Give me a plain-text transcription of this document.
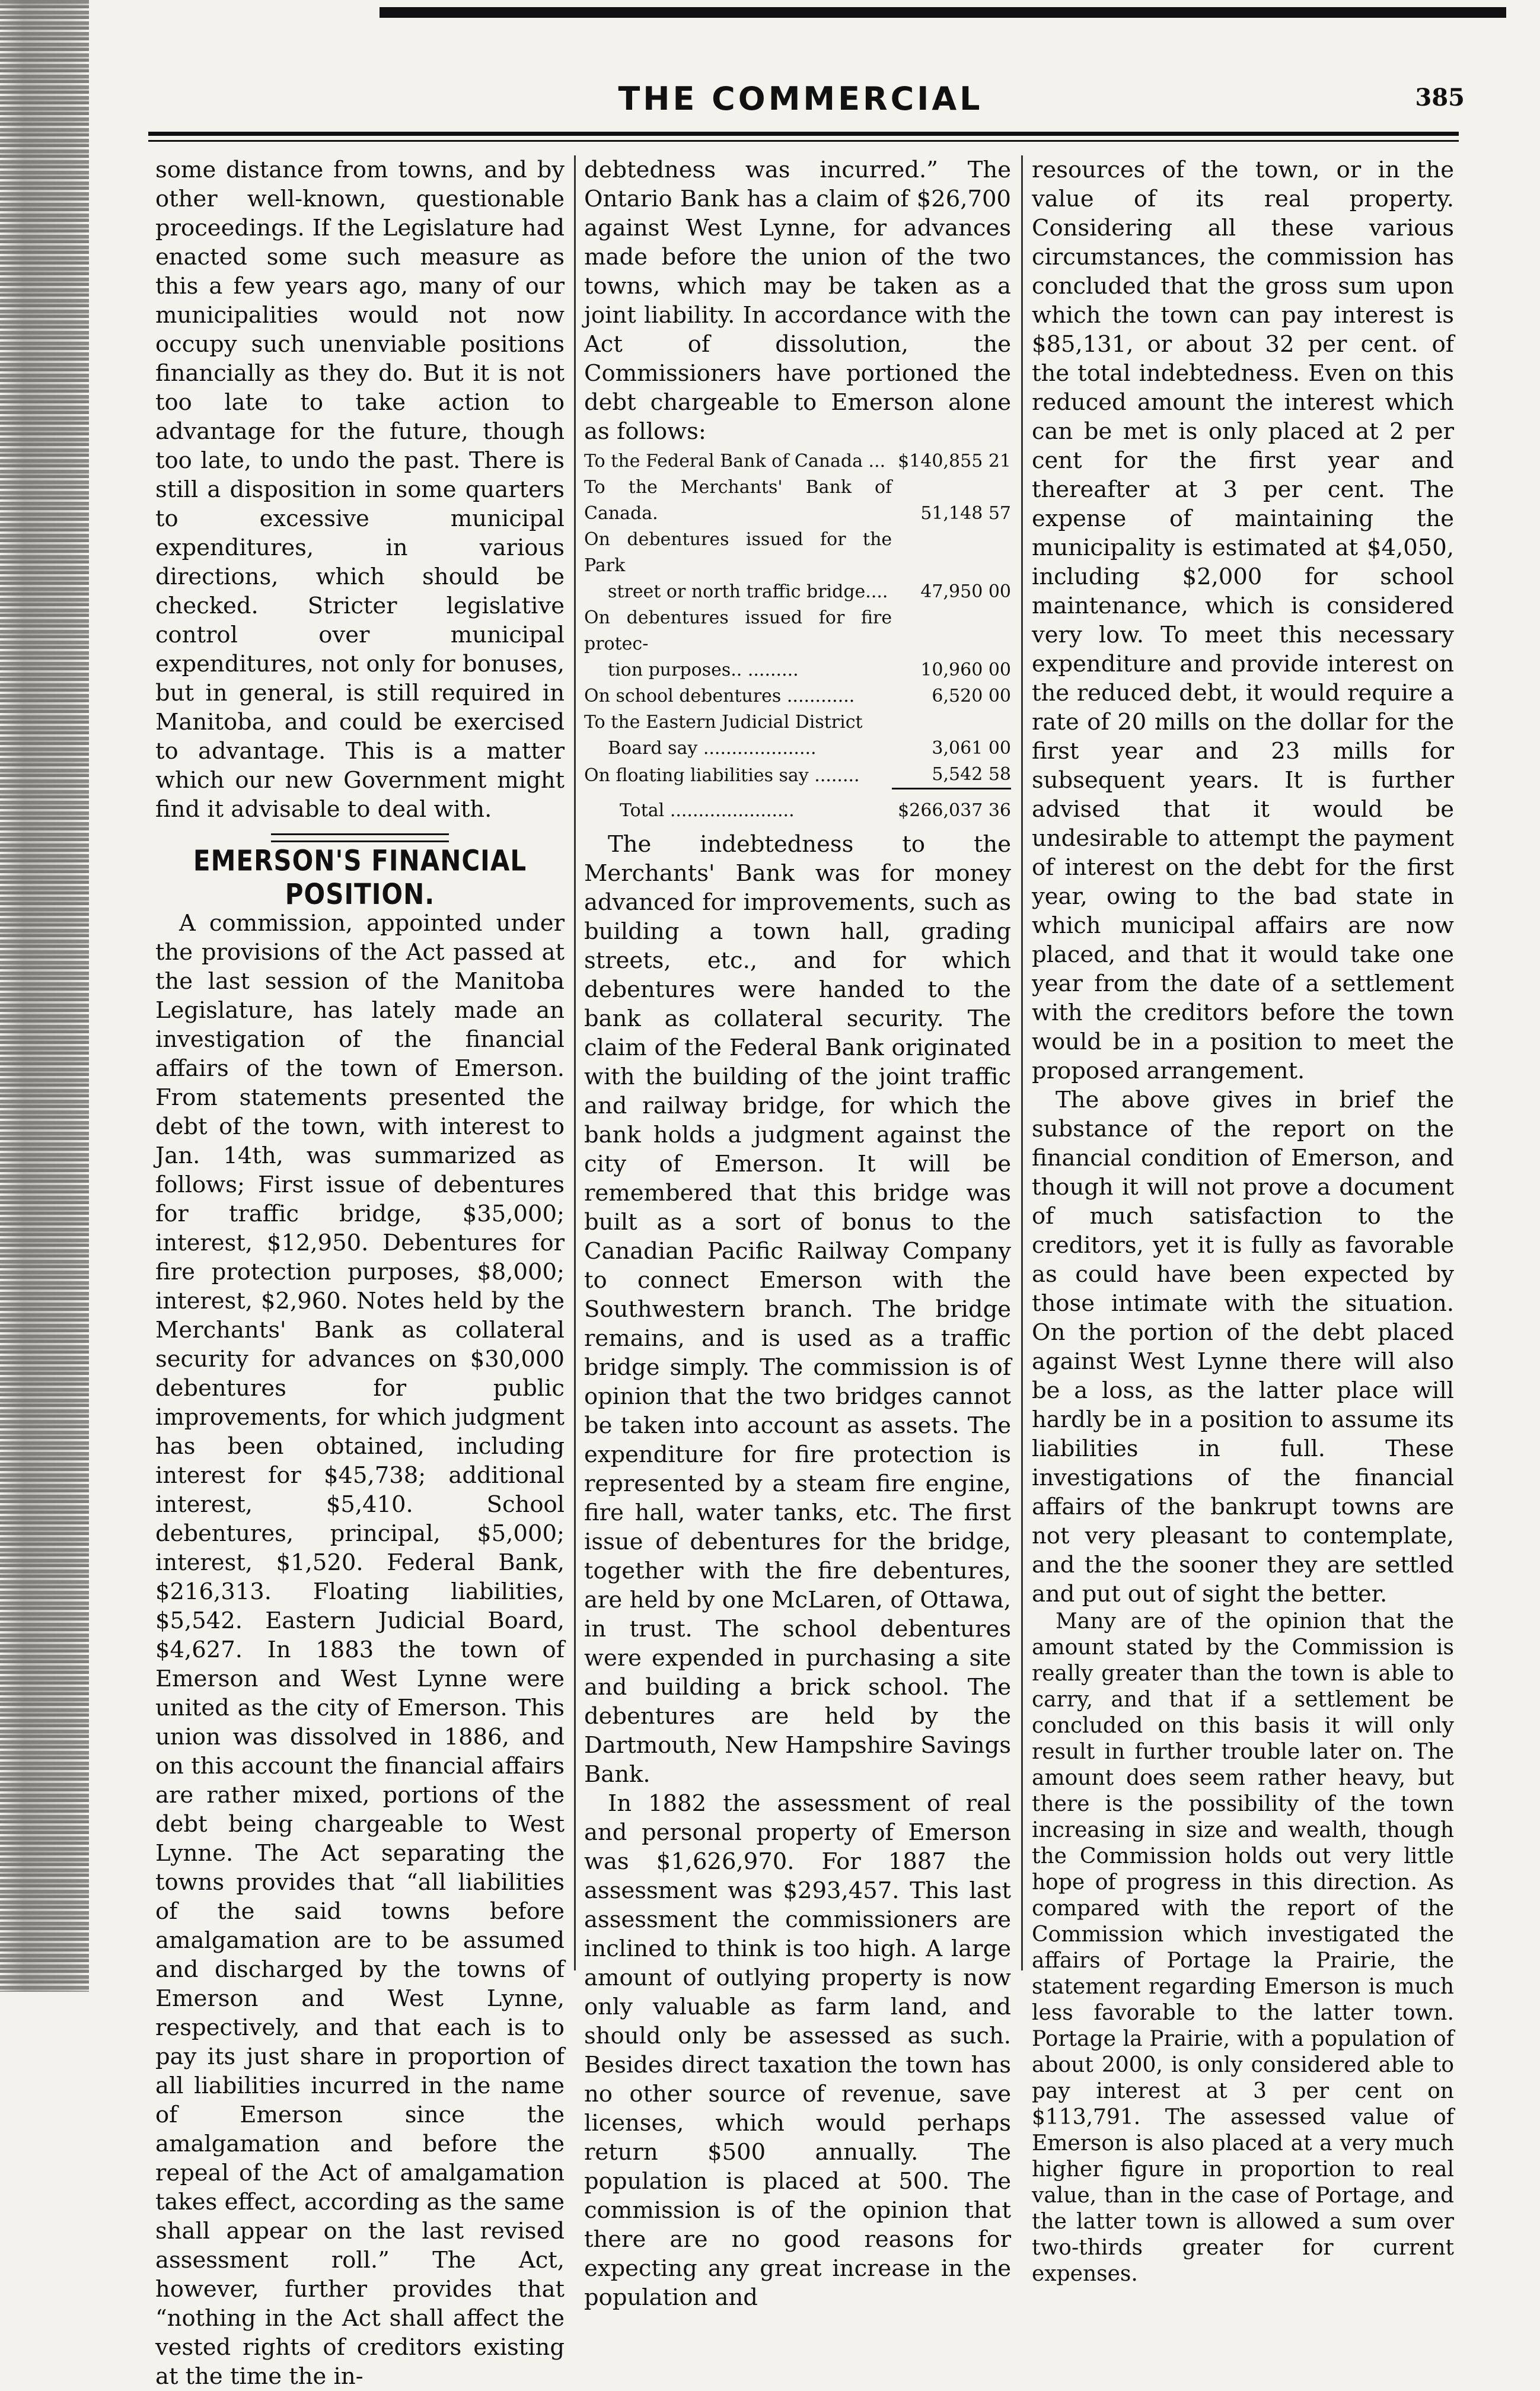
THE COMMERCIAL	385

some distance from towns, and by other well-known, questionable proceedings. If the Legislature had enacted some such measure as this a few years ago, many of our municipalities would not now occupy such unenviable positions financially as they do. But it is not too late to take action to advantage for the future, though too late, to undo the past. There is still a disposition in some quarters to excessive municipal expenditures, in various directions, which should be checked. Stricter legislative control over municipal expenditures, not only for bonuses, but in general, is still required in Manitoba, and could be exercised to advantage. This is a matter which our new Government might find it advisable to deal with.

EMERSON'S FINANCIAL POSITION.

A commission, appointed under the provisions of the Act passed at the last session of the Manitoba Legislature, has lately made an investigation of the financial affairs of the town of Emerson. From statements presented the debt of the town, with interest to Jan. 14th, was summarized as follows; First issue of debentures for traffic bridge, $35,000; interest, $12,950. Debentures for fire protection purposes, $8,000; interest, $2,960. Notes held by the Merchants' Bank as collateral security for advances on $30,000 debentures for public improvements, for which judgment has been obtained, including interest for $45,738; additional interest, $5,410. School debentures, principal, $5,000; interest, $1,520. Federal Bank, $216,313. Floating liabilities, $5,542. Eastern Judicial Board, $4,627. In 1883 the town of Emerson and West Lynne were united as the city of Emerson. This union was dissolved in 1886, and on this account the financial affairs are rather mixed, portions of the debt being chargeable to West Lynne. The Act separating the towns provides that “all liabilities of the said towns before amalgamation are to be assumed and discharged by the towns of Emerson and West Lynne, respectively, and that each is to pay its just share in proportion of all liabilities incurred in the name of Emerson since the amalgamation and before the repeal of the Act of amalgamation takes effect, according as the same shall appear on the last revised assessment roll.” The Act, however, further provides that “nothing in the Act shall affect the vested rights of creditors existing at the time the in-

debtedness was incurred.” The Ontario Bank has a claim of $26,700 against West Lynne, for advances made before the union of the two towns, which may be taken as a joint liability. In accordance with the Act of dissolution, the Commissioners have portioned the debt chargeable to Emerson alone as follows:

To the Federal Bank of Canada ...	$140,855 21
To the Merchants' Bank of Canada.	51,148 57
On debentures issued for the Park	
street or north traffic bridge....	47,950 00
On debentures issued for fire protec-	
tion purposes.. .........	10,960 00
On school debentures ............	6,520 00
To the Eastern Judicial District	
Board say ....................	3,061 00
On floating liabilities say ........	5,542 58
Total ......................	$266,037 36

The indebtedness to the Merchants' Bank was for money advanced for improvements, such as building a town hall, grading streets, etc., and for which debentures were handed to the bank as collateral security. The claim of the Federal Bank originated with the building of the joint traffic and railway bridge, for which the bank holds a judgment against the city of Emerson. It will be remembered that this bridge was built as a sort of bonus to the Canadian Pacific Railway Company to connect Emerson with the Southwestern branch. The bridge remains, and is used as a traffic bridge simply. The commission is of opinion that the two bridges cannot be taken into account as assets. The expenditure for fire protection is represented by a steam fire engine, fire hall, water tanks, etc. The first issue of debentures for the bridge, together with the fire debentures, are held by one McLaren, of Ottawa, in trust. The school debentures were expended in purchasing a site and building a brick school. The debentures are held by the Dartmouth, New Hampshire Savings Bank.

In 1882 the assessment of real and personal property of Emerson was $1,626,970. For 1887 the assessment was $293,457. This last assessment the commissioners are inclined to think is too high. A large amount of outlying property is now only valuable as farm land, and should only be assessed as such. Besides direct taxation the town has no other source of revenue, save licenses, which would perhaps return $500 annually. The population is placed at 500. The commission is of the opinion that there are no good reasons for expecting any great increase in the population and

resources of the town, or in the value of its real property. Considering all these various circumstances, the commission has concluded that the gross sum upon which the town can pay interest is $85,131, or about 32 per cent. of the total indebtedness. Even on this reduced amount the interest which can be met is only placed at 2 per cent for the first year and thereafter at 3 per cent. The expense of maintaining the municipality is estimated at $4,050, including $2,000 for school maintenance, which is considered very low. To meet this necessary expenditure and provide interest on the reduced debt, it would require a rate of 20 mills on the dollar for the first year and 23 mills for subsequent years. It is further advised that it would be undesirable to attempt the payment of interest on the debt for the first year, owing to the bad state in which municipal affairs are now placed, and that it would take one year from the date of a settlement with the creditors before the town would be in a position to meet the proposed arrangement.

The above gives in brief the substance of the report on the financial condition of Emerson, and though it will not prove a document of much satisfaction to the creditors, yet it is fully as favorable as could have been expected by those intimate with the situation. On the portion of the debt placed against West Lynne there will also be a loss, as the latter place will hardly be in a position to assume its liabilities in full. These investigations of the financial affairs of the bankrupt towns are not very pleasant to contemplate, and the the sooner they are settled and put out of sight the better.

Many are of the opinion that the amount stated by the Commission is really greater than the town is able to carry, and that if a settlement be concluded on this basis it will only result in further trouble later on. The amount does seem rather heavy, but there is the possibility of the town increasing in size and wealth, though the Commission holds out very little hope of progress in this direction. As compared with the report of the Commission which investigated the affairs of Portage la Prairie, the statement regarding Emerson is much less favorable to the latter town. Portage la Prairie, with a population of about 2000, is only considered able to pay interest at 3 per cent on $113,791. The assessed value of Emerson is also placed at a very much higher figure in proportion to real value, than in the case of Portage, and the latter town is allowed a sum over two-thirds greater for current expenses.
